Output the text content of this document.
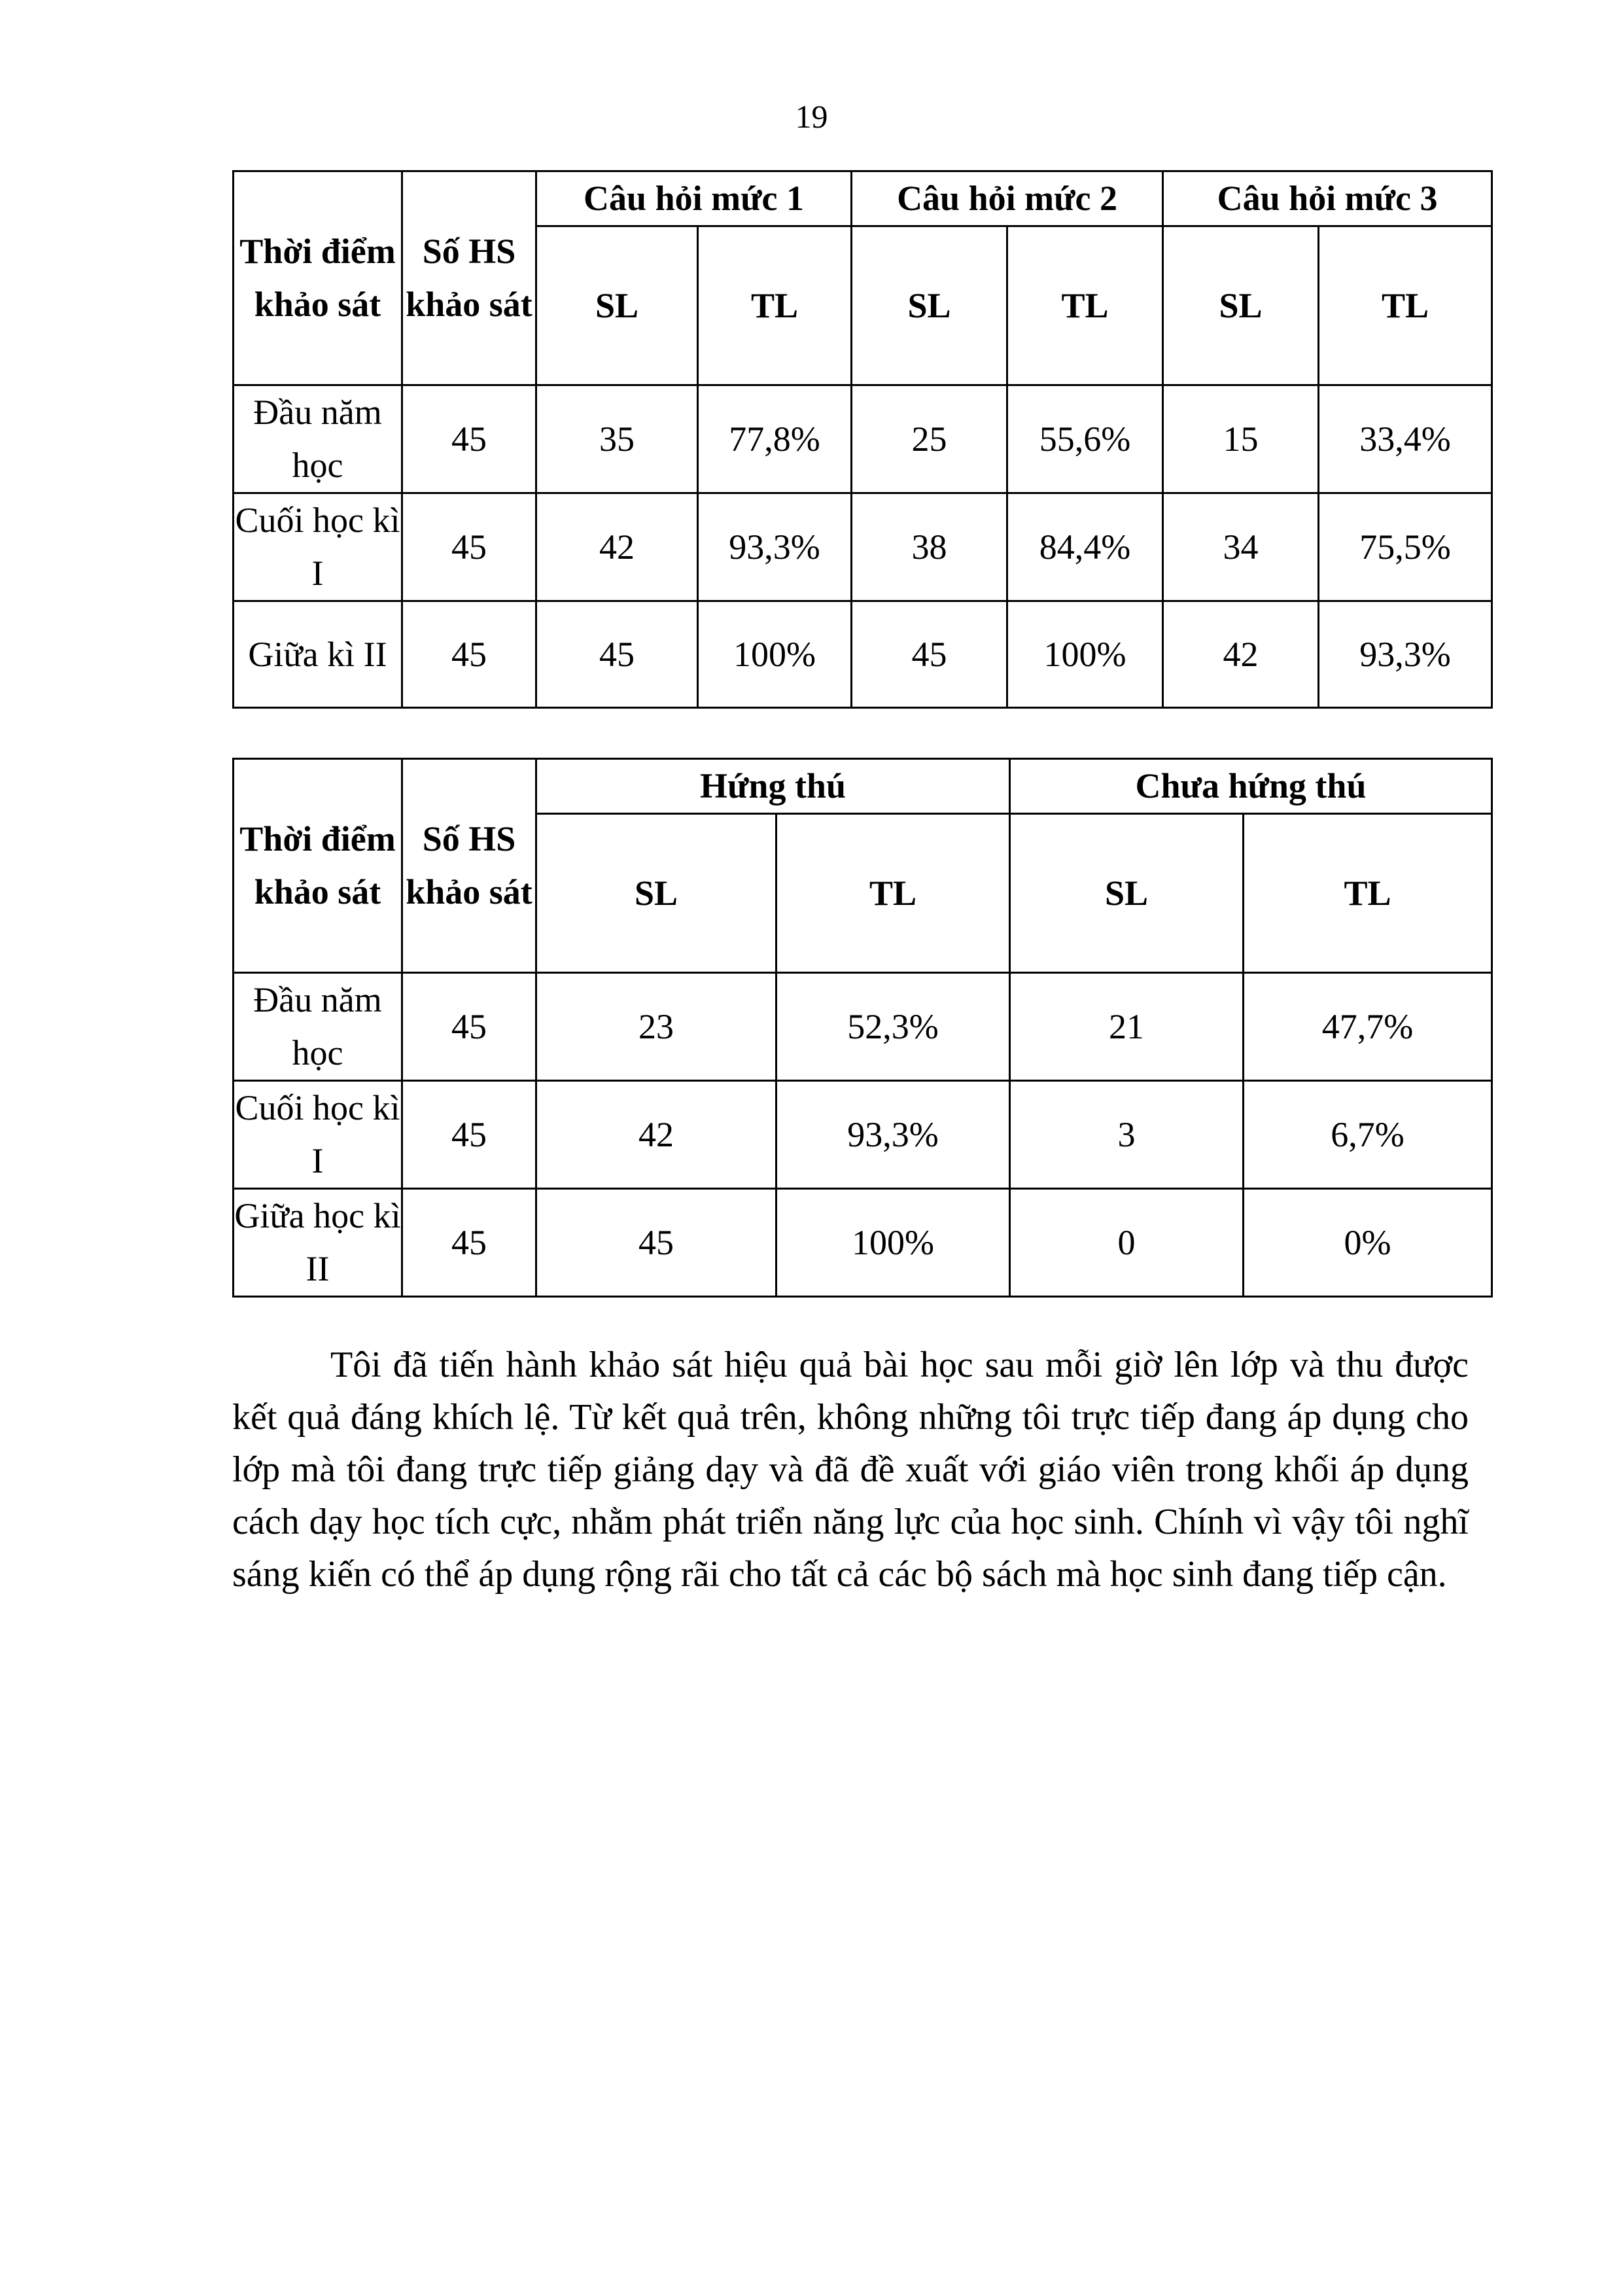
19
Thời điểm khảo sát	Số HS khảo sát	Câu hỏi mức 1		Câu hỏi mức 2		Câu hỏi mức 3	
		SL	TL	SL	TL	SL	TL
Đầu năm học	45	35	77,8%	25	55,6%	15	33,4%
Cuối học kì I	45	42	93,3%	38	84,4%	34	75,5%
Giữa kì II	45	45	100%	45	100%	42	93,3%
Thời điểm khảo sát	Số HS khảo sát	Hứng thú		Chưa hứng thú	
		SL	TL	SL	TL
Đầu năm học	45	23	52,3%	21	47,7%
Cuối học kì I	45	42	93,3%	3	6,7%
Giữa học kì II	45	45	100%	0	0%

Tôi đã tiến hành khảo sát hiệu quả bài học sau mỗi giờ lên lớp và thu được kết quả đáng khích lệ. Từ kết quả trên, không những tôi trực tiếp đang áp dụng cho lớp mà tôi đang trực tiếp giảng dạy và đã đề xuất với giáo viên trong khối áp dụng cách dạy học tích cực, nhằm phát triển năng lực của học sinh. Chính vì vậy tôi nghĩ sáng kiến có thể áp dụng rộng rãi cho tất cả các bộ sách mà học sinh đang tiếp cận.
